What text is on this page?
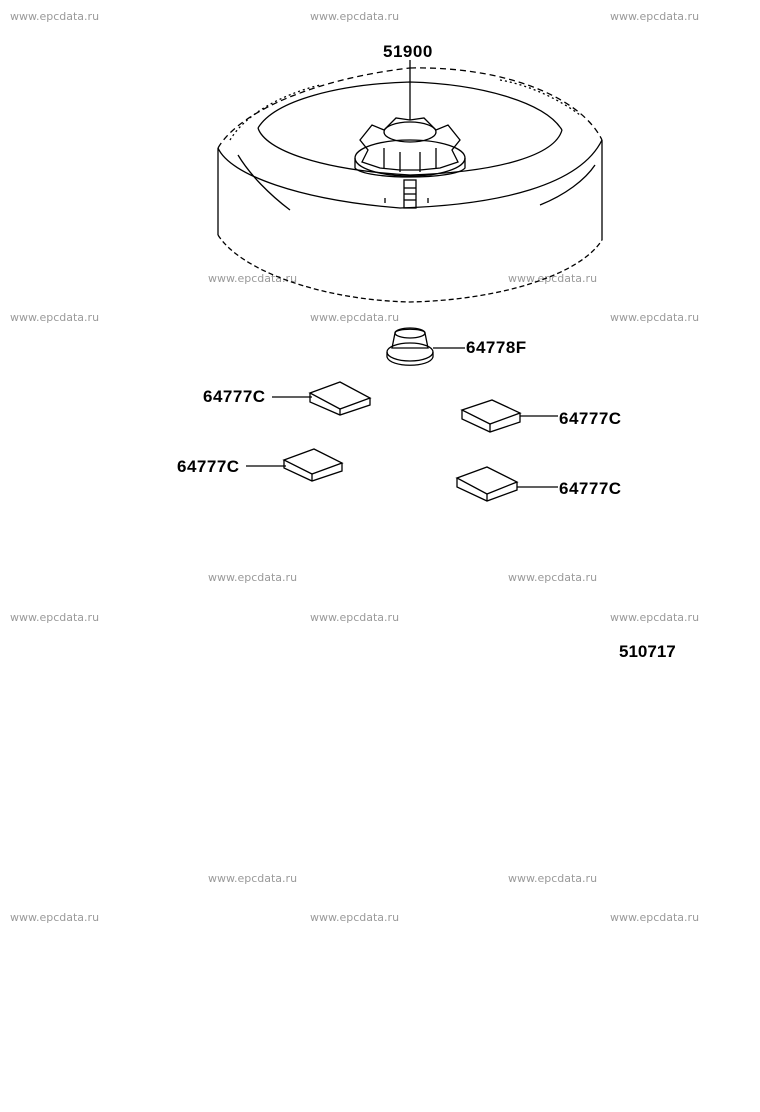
www.epcdata.ru	www.epcdata.ru	www.epcdata.ru
www.epcdata.ru	www.epcdata.ru
www.epcdata.ru	www.epcdata.ru	www.epcdata.ru
www.epcdata.ru	www.epcdata.ru
www.epcdata.ru	www.epcdata.ru	www.epcdata.ru
www.epcdata.ru	www.epcdata.ru
www.epcdata.ru	www.epcdata.ru	www.epcdata.ru
51900
64778F
64777C
64777C
64777C
64777C
510717
